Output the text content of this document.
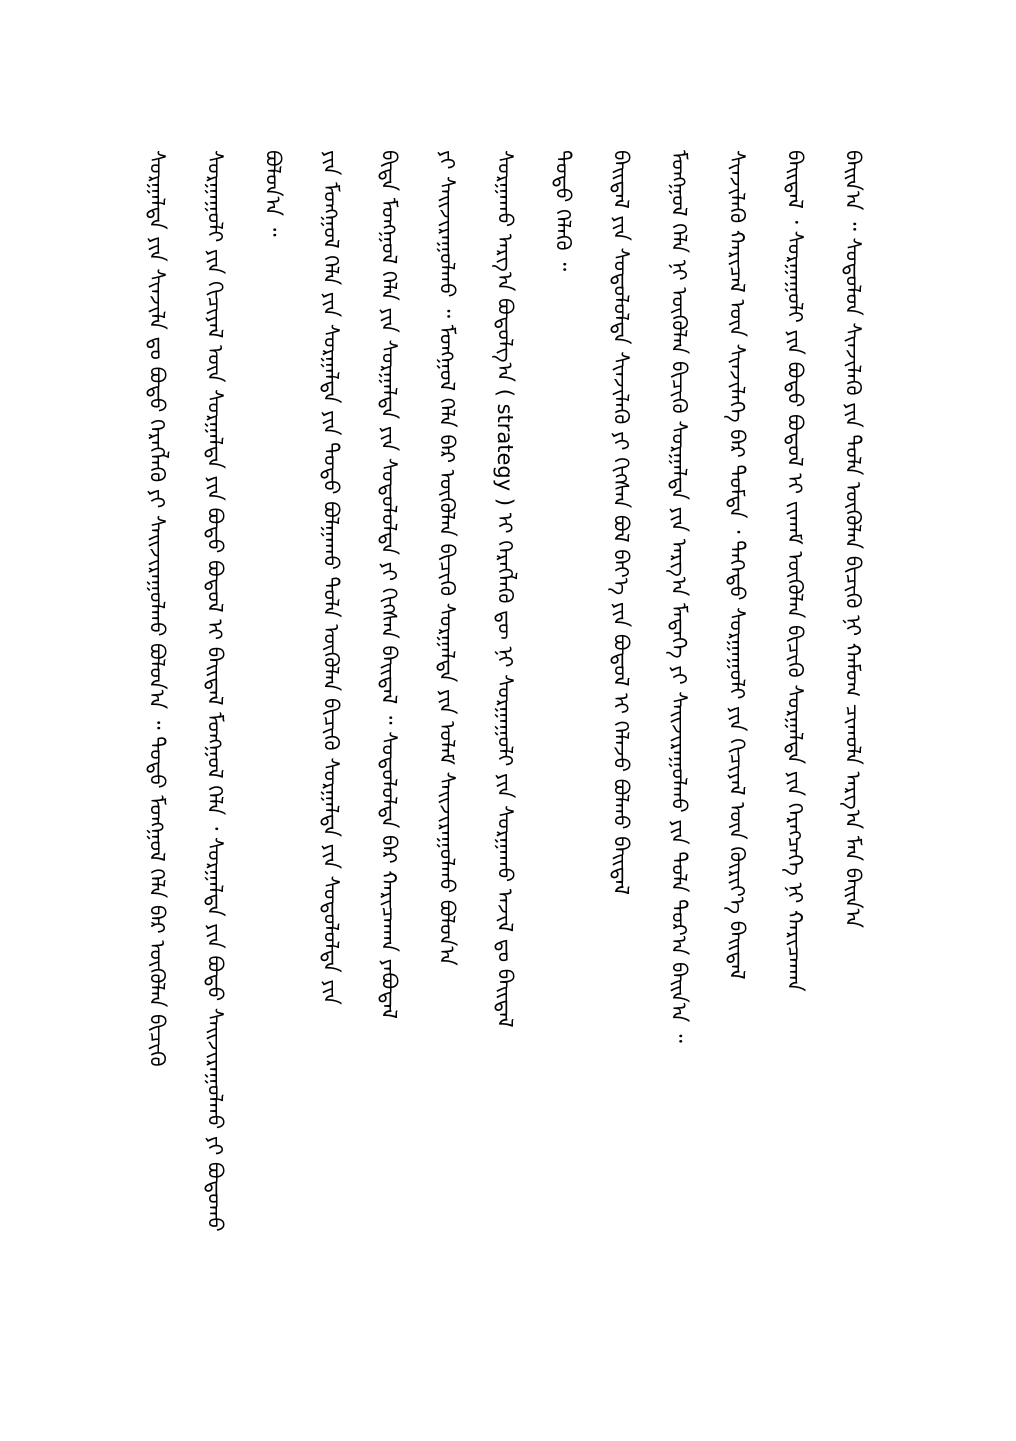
ᠪᠠᠢ᠌ᠨ᠎ᠠ ᠃ ᠰᠣᠳᠤᠯᠤᠨ ᠰᠢᠨᠵᠢᠯᠡᠬᠦ ᠶᠢᠨ ᠲᠤᠯᠠ ᠦᠭᠦᠯᠡᠨ ᠪᠢᠴᠢᠬᠦ ᠨᠢ ᠬᠠᠮᠤᠭ ᠴᠢᠬᠤᠯᠠ ᠠᠷᠭ᠎ᠠ ᠮᠠᠨ ᠪᠠᠢ᠌ᠨ᠎ᠠ
ᠪᠠᠢ᠌ᠳᠠᠯ ᠂ ᠰᠤᠷᠭᠠᠭᠤᠯᠢ ᠶᠢᠨ ᠪᠣᠳᠣ ᠪᠣᠳᠤᠯ ᠢ ᠵᠢᠬᠠᠮ ᠦᠭᠦᠯᠡᠨ ᠪᠢᠴᠢᠬᠦ ᠰᠤᠷᠭᠠᠯᠲᠠ ᠶᠢᠨ ᠬᠡᠷᠡᠭᠴᠡᠭᠡ ᠨᠢ ᠬᠠᠷᠢᠴᠠᠬᠠᠨ
ᠰᠢᠨᠵᠢᠯᠡᠬᠦ ᠬᠠᠷᠢᠴᠠᠯ ᠦᠨ ᠰᠢᠨᠵᠢᠯᠡᠭᠡ ᠪᠡᠷ ᠳᠤᠮᠳᠠ ᠂ ᠳᠡᠭᠡᠳᠦ ᠰᠤᠷᠭᠠᠭᠤᠯᠢ ᠶᠢᠨ ᠬᠢᠴᠢᠶᠡᠯ ᠦᠨ ᠬᠦᠷᠢᠶ᠎ᠡ ᠪᠠᠢ᠌ᠳᠠᠯ
ᠮᠣᠩᠭᠣᠯ ᠬᠡᠯᠡ ᠨᠢ ᠦᠭᠦᠯᠡᠨ ᠪᠢᠴᠢᠬᠦ ᠰᠤᠷᠭᠠᠯᠲᠠ ᠶᠢᠨ ᠠᠷᠭ᠎ᠠ ᠮᠡᠳᠡᠭᠡ ᠶᠢ ᠰᠠᠢ᠌ᠵᠢᠷᠠᠭᠤᠯᠬᠤ ᠶᠢᠨ ᠲᠤᠯᠠ ᠳᠤᠷ᠎ᠠ ᠪᠠᠢ᠌ᠨ᠎ᠠ ᠃
ᠪᠠᠢ᠌ᠳᠠᠯ ᠶᠢᠨ ᠰᠣᠳᠤᠯᠤᠯᠲᠠ ᠰᠢᠨᠵᠢᠯᠡᠬᠦ ᠶᠢ ᠬᠢᠭᠰᠡᠨ ᠪᠣᠯ ᠪᠡᠶ᠎ᠡ ᠶᠢᠨ ᠪᠣᠳᠣᠯ ᠢ ᠬᠡᠯᠡᠵᠦ ᠪᠣᠯᠬᠤ ᠪᠠᠢ᠌ᠳᠠᠯ
ᠲᠣᠳᠣ ᠬᠡᠯᠡᠬᠦ ᠃
ᠰᠤᠷᠭᠠᠬᠤ ᠠᠷᠭ᠎ᠠ ᠪᠣᠳᠣᠯᠭ᠎ᠠ ( strategy ) ᠢ ᠬᠡᠷᠡᠭᠯᠡᠬᠦ ᠳᠦ ᠨᠢ ᠰᠤᠷᠭᠠᠭᠤᠯᠢ ᠶᠢᠨ ᠰᠤᠷᠭᠠᠬᠤ ᠠᠵᠢᠯ ᠳᠤ ᠪᠠᠢ᠌ᠳᠠᠯ
ᠶᠢ ᠰᠠᠢ᠌ᠵᠢᠷᠠᠭᠤᠯᠬᠤ ᠃ ᠮᠣᠩᠭᠣᠯ ᠬᠡᠯᠡ ᠪᠡᠷ ᠦᠭᠦᠯᠡᠨ ᠪᠢᠴᠢᠬᠦ ᠰᠤᠷᠭᠠᠯᠲᠠ ᠶᠢᠨ ᠤᠯᠠᠮ ᠰᠠᠢ᠌ᠵᠢᠷᠠᠭᠤᠯᠬᠤ ᠪᠣᠯᠤᠨ᠎ᠠ
ᠪᠢᠳᠡ ᠮᠣᠩᠭᠣᠯ ᠬᠡᠯᠡ ᠶᠢᠨ ᠰᠤᠷᠭᠠᠯᠲᠠ ᠶᠢᠨ ᠰᠣᠳᠤᠯᠤᠯᠲᠠ ᠶᠢ ᠬᠢᠭᠰᠡᠨ ᠪᠠᠢ᠌ᠳᠠᠯ ᠃ ᠰᠣᠳᠤᠯᠤᠯᠲᠠ ᠪᠡᠷ ᠬᠠᠷᠢᠴᠠᠬᠠᠨ ᠶᠠᠪᠤᠳᠠᠯ
ᠶᠢᠨ ᠮᠣᠩᠭᠣᠯ ᠬᠡᠯᠡ ᠶᠢᠨ ᠰᠤᠷᠭᠠᠯᠲᠠ ᠶᠢᠨ ᠲᠣᠳᠣ ᠪᠣᠯᠭᠠᠬᠤ ᠲᠤᠯᠠ ᠦᠭᠦᠯᠡᠨ ᠪᠢᠴᠢᠬᠦ ᠰᠤᠷᠭᠠᠯᠲᠠ ᠶᠢᠨ ᠰᠣᠳᠤᠯᠤᠯᠲᠠ ᠶᠢᠨ
ᠪᠣᠯᠤᠨ᠎ᠠ ᠃
ᠰᠤᠷᠭᠠᠭᠤᠯᠢ ᠶᠢᠨ ᠬᠢᠴᠢᠶᠡᠯ ᠦᠨ ᠰᠤᠷᠭᠠᠯᠲᠠ ᠶᠢᠨ ᠪᠣᠳᠣ ᠪᠣᠳᠣᠯ ᠢ ᠪᠠᠢ᠌ᠳᠠᠯ ᠮᠣᠩᠭᠣᠯ ᠬᠡᠯᠡ ᠂ ᠰᠤᠷᠭᠠᠯᠲᠠ ᠶᠢᠨ ᠪᠣᠳᠣ ᠰᠠᠢ᠌ᠵᠢᠷᠠᠭᠤᠯᠬᠤ ᠶᠢ ᠪᠣᠳᠣᠬᠤ
ᠰᠤᠷᠭᠠᠯᠲᠠ ᠶᠢᠨ ᠰᠢᠨᠵᠢᠯᠡ ᠳᠤ ᠪᠣᠳᠣ ᠬᠡᠷᠡᠭᠯᠡᠬᠦ ᠶᠢ ᠰᠠᠢ᠌ᠵᠢᠷᠠᠭᠤᠯᠬᠤ ᠪᠣᠯᠤᠨ᠎ᠠ ᠃ ᠲᠣᠳᠣ ᠮᠣᠩᠭᠣᠯ ᠬᠡᠯᠡ ᠪᠡᠷ ᠦᠭᠦᠯᠡᠨ ᠪᠢᠴᠢᠬᠦ
